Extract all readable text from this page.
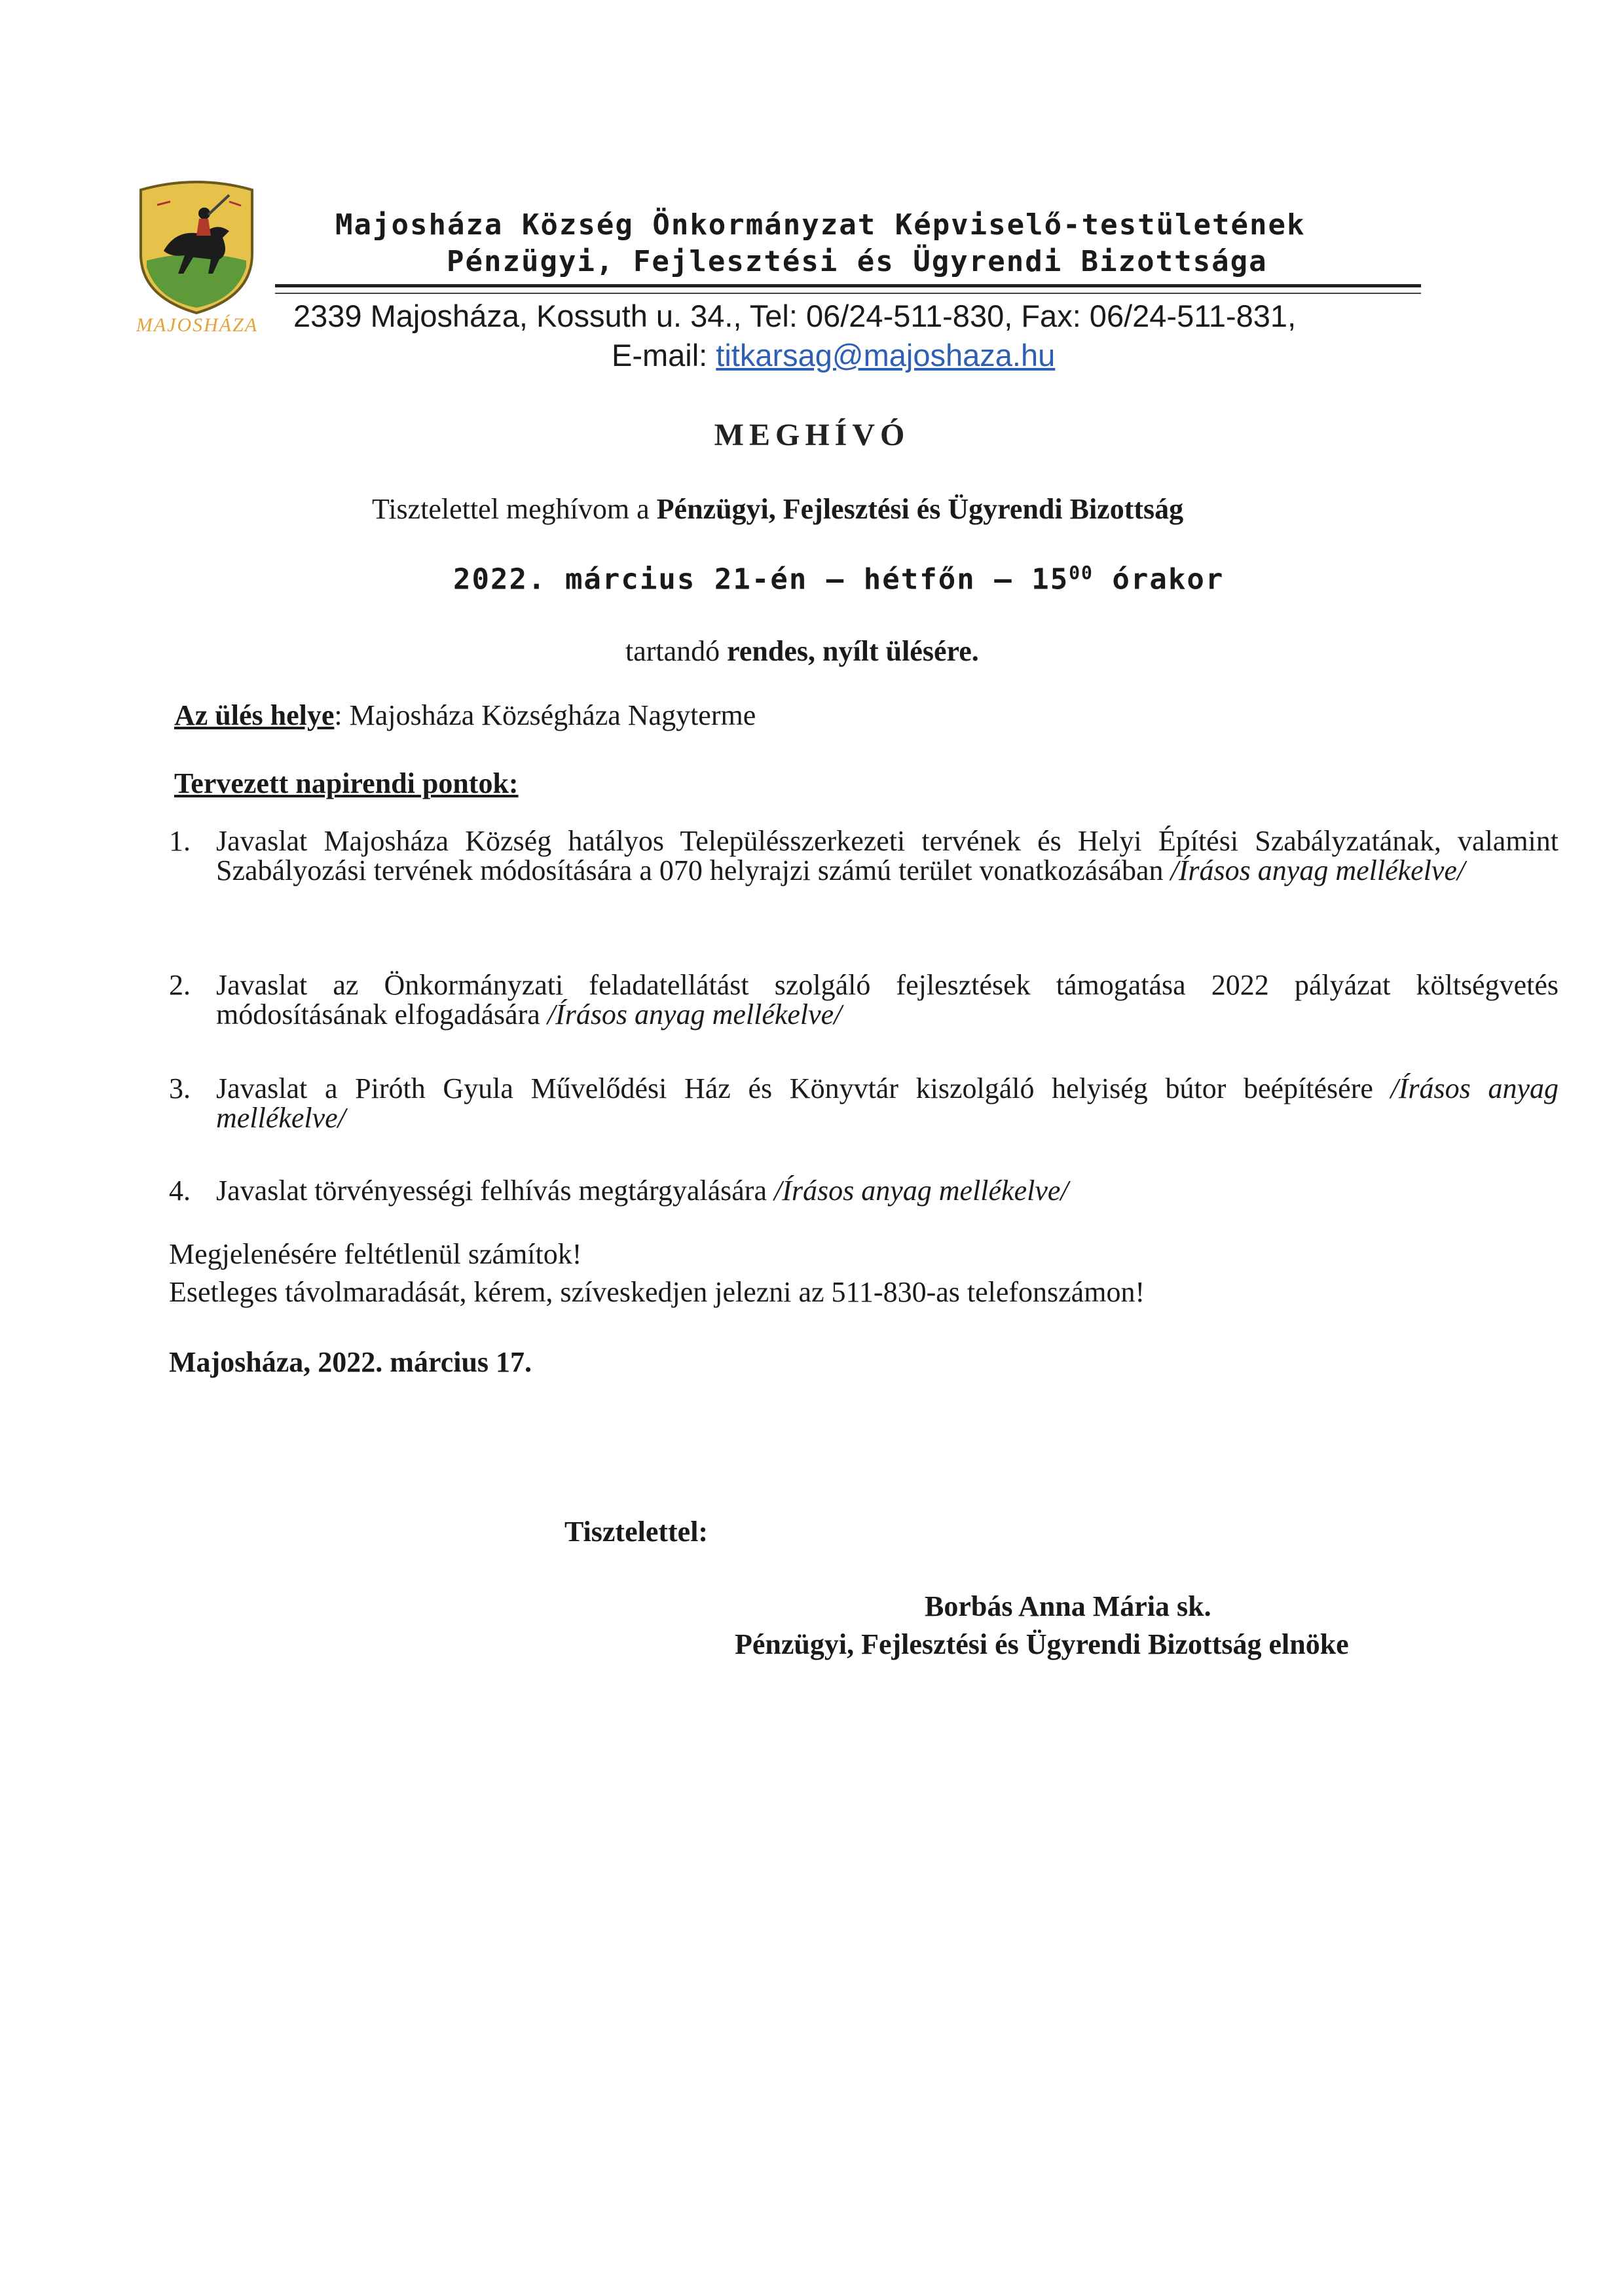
MAJOSHÁZA
Majosháza Község Önkormányzat Képviselő-testületének
Pénzügyi, Fejlesztési és Ügyrendi Bizottsága
2339 Majosháza, Kossuth u. 34., Tel: 06/24-511-830, Fax: 06/24-511-831,
E-mail: titkarsag@majoshaza.hu
MEGHÍVÓ
Tisztelettel meghívom a Pénzügyi, Fejlesztési és Ügyrendi Bizottság
2022. március 21-én – hétfőn – $15^{00}$ órakor
tartandó rendes, nyílt ülésére.
Az ülés helye: Majosháza Községháza Nagyterme
Tervezett napirendi pontok:
1. Javaslat Majosháza Község hatályos Településszerkezeti tervének és Helyi Építési Szabályzatának, valamint Szabályozási tervének módosítására a 070 helyrajzi számú terület vonatkozásában /Írásos anyag mellékelve/
2. Javaslat az Önkormányzati feladatellátást szolgáló fejlesztések támogatása 2022 pályázat költségvetés módosításának elfogadására /Írásos anyag mellékelve/
3. Javaslat a Piróth Gyula Művelődési Ház és Könyvtár kiszolgáló helyiség bútor beépítésére /Írásos anyag mellékelve/
4. Javaslat törvényességi felhívás megtárgyalására /Írásos anyag mellékelve/
Megjelenésére feltétlenül számítok!
Esetleges távolmaradását, kérem, szíveskedjen jelezni az 511-830-as telefonszámon!
Majosháza, 2022. március 17.
Tisztelettel:
Borbás Anna Mária sk.
Pénzügyi, Fejlesztési és Ügyrendi Bizottság elnöke
